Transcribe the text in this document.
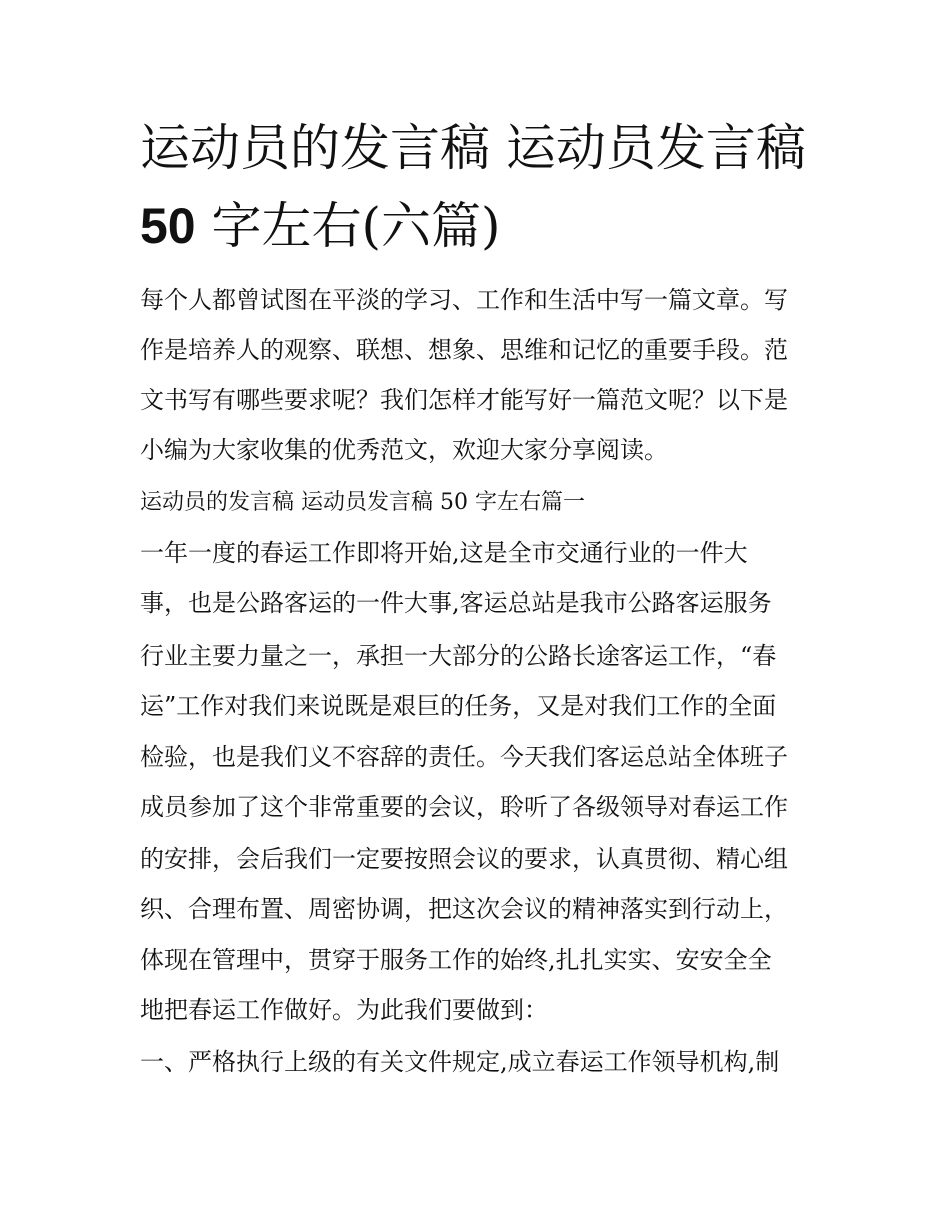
运动员的发言稿 运动员发言稿
50 字左右(六篇)

每个人都曾试图在平淡的学习、工作和生活中写一篇文章。写

作是培养人的观察、联想、想象、思维和记忆的重要手段。范

文书写有哪些要求呢？我们怎样才能写好一篇范文呢？以下是

小编为大家收集的优秀范文，欢迎大家分享阅读。

运动员的发言稿 运动员发言稿 50 字左右篇一

一年一度的春运工作即将开始,这是全市交通行业的一件大

事，也是公路客运的一件大事,客运总站是我市公路客运服务

行业主要力量之一，承担一大部分的公路长途客运工作，“春

运”工作对我们来说既是艰巨的任务，又是对我们工作的全面

检验，也是我们义不容辞的责任。今天我们客运总站全体班子

成员参加了这个非常重要的会议，聆听了各级领导对春运工作

的安排，会后我们一定要按照会议的要求，认真贯彻、精心组

织、合理布置、周密协调，把这次会议的精神落实到行动上，

体现在管理中，贯穿于服务工作的始终,扎扎实实、安安全全

地把春运工作做好。为此我们要做到：

一、严格执行上级的有关文件规定,成立春运工作领导机构,制
